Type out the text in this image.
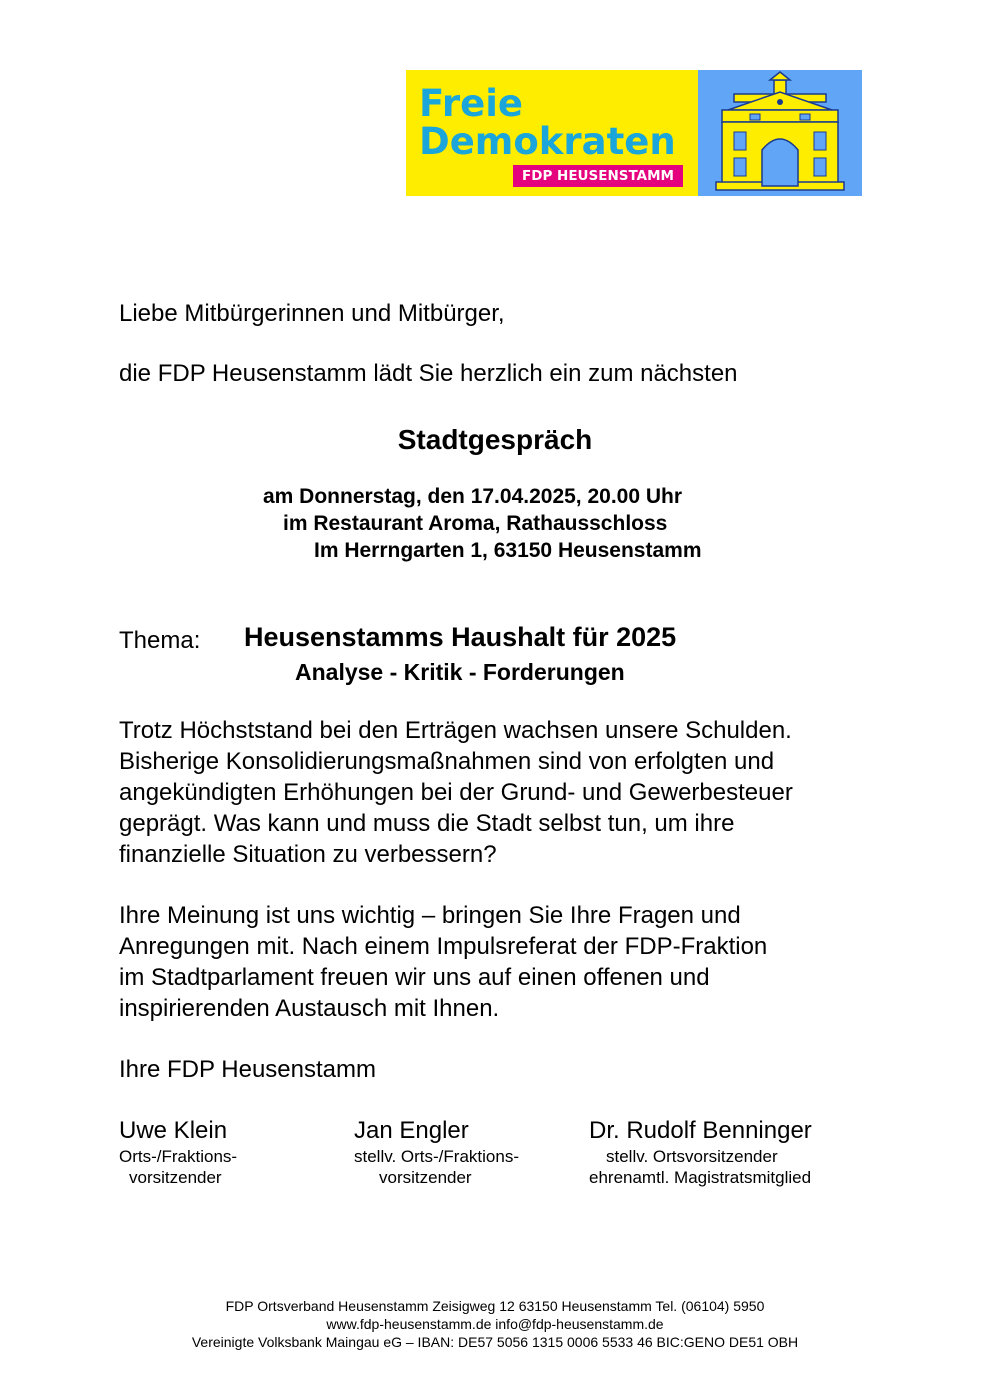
Freie
Demokraten
FDP HEUSENSTAMM
Liebe Mitbürgerinnen und Mitbürger,
die FDP Heusenstamm lädt Sie herzlich ein zum nächsten
Stadtgespräch
am Donnerstag, den 17.04.2025, 20.00 Uhr
im Restaurant Aroma, Rathausschloss
Im Herrngarten 1, 63150 Heusenstamm
Thema: Heusenstamms Haushalt für 2025
Analyse - Kritik - Forderungen
Trotz Höchststand bei den Erträgen wachsen unsere Schulden.
Bisherige Konsolidierungsmaßnahmen sind von erfolgten und
angekündigten Erhöhungen bei der Grund- und Gewerbesteuer
geprägt. Was kann und muss die Stadt selbst tun, um ihre
finanzielle Situation zu verbessern?
Ihre Meinung ist uns wichtig – bringen Sie Ihre Fragen und
Anregungen mit. Nach einem Impulsreferat der FDP-Fraktion
im Stadtparlament freuen wir uns auf einen offenen und
inspirierenden Austausch mit Ihnen.
Ihre FDP Heusenstamm
Uwe Klein
Orts-/Fraktions-
vorsitzender
Jan Engler
stellv. Orts-/Fraktions-
vorsitzender
Dr. Rudolf Benninger
stellv. Ortsvorsitzender
ehrenamtl. Magistratsmitglied
FDP Ortsverband Heusenstamm Zeisigweg 12 63150 Heusenstamm Tel. (06104) 5950
www.fdp-heusenstamm.de info@fdp-heusenstamm.de
Vereinigte Volksbank Maingau eG – IBAN: DE57 5056 1315 0006 5533 46 BIC:GENO DE51 OBH
